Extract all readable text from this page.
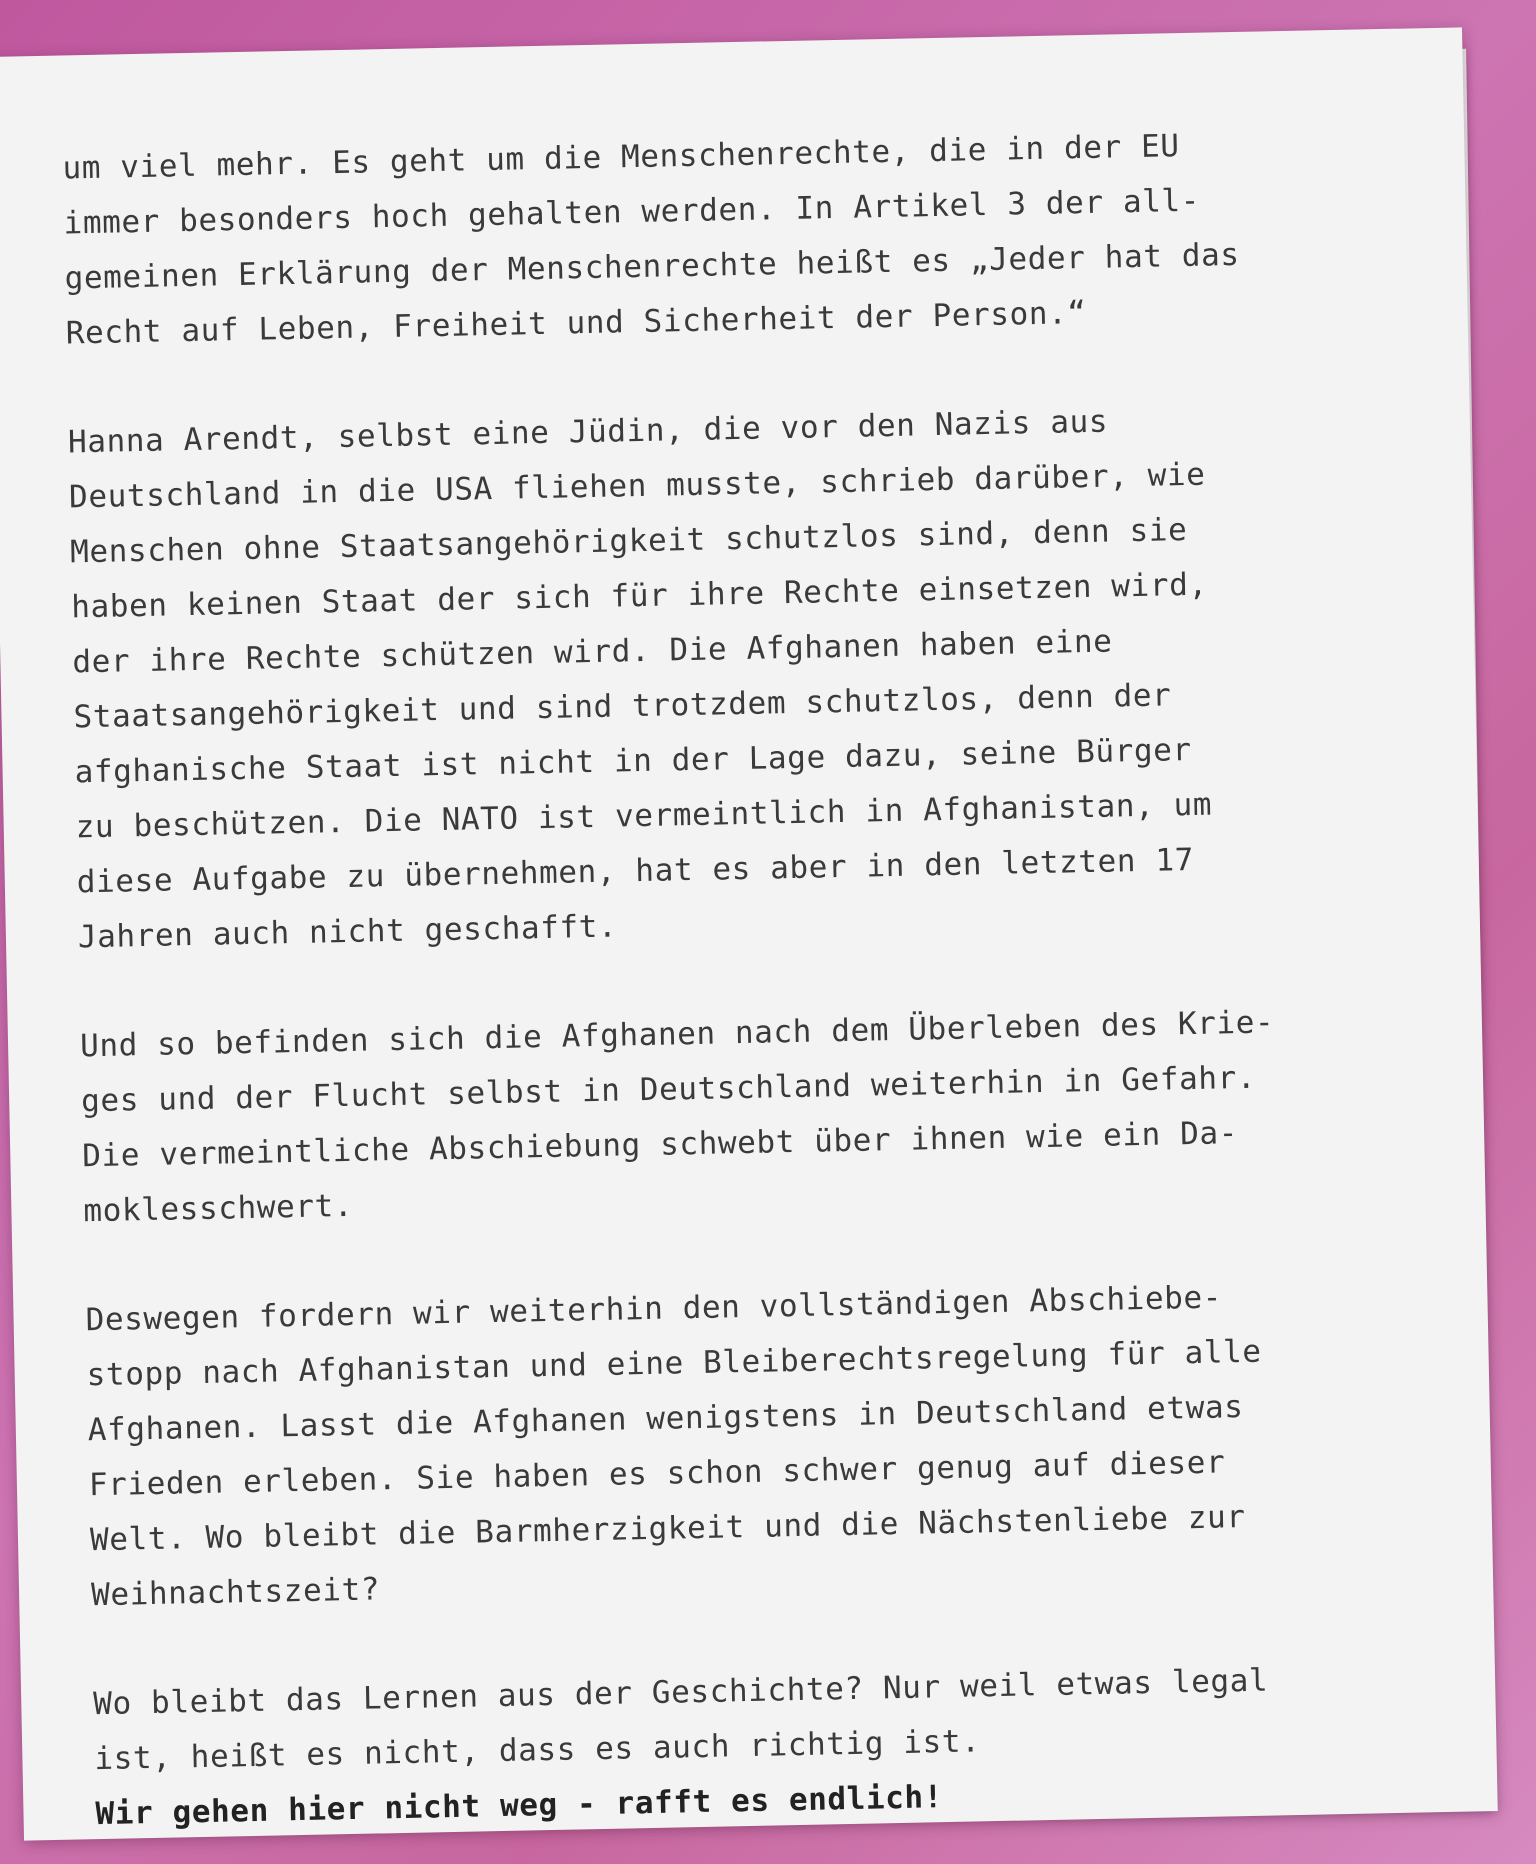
um viel mehr. Es geht um die Menschenrechte, die in der EU
immer besonders hoch gehalten werden. In Artikel 3 der all-
gemeinen Erklärung der Menschenrechte heißt es „Jeder hat das
Recht auf Leben, Freiheit und Sicherheit der Person.“
Hanna Arendt, selbst eine Jüdin, die vor den Nazis aus
Deutschland in die USA fliehen musste, schrieb darüber, wie
Menschen ohne Staatsangehörigkeit schutzlos sind, denn sie
haben keinen Staat der sich für ihre Rechte einsetzen wird,
der ihre Rechte schützen wird. Die Afghanen haben eine
Staatsangehörigkeit und sind trotzdem schutzlos, denn der
afghanische Staat ist nicht in der Lage dazu, seine Bürger
zu beschützen. Die NATO ist vermeintlich in Afghanistan, um
diese Aufgabe zu übernehmen, hat es aber in den letzten 17
Jahren auch nicht geschafft.
Und so befinden sich die Afghanen nach dem Überleben des Krie-
ges und der Flucht selbst in Deutschland weiterhin in Gefahr.
Die vermeintliche Abschiebung schwebt über ihnen wie ein Da-
moklesschwert.
Deswegen fordern wir weiterhin den vollständigen Abschiebe-
stopp nach Afghanistan und eine Bleiberechtsregelung für alle
Afghanen. Lasst die Afghanen wenigstens in Deutschland etwas
Frieden erleben. Sie haben es schon schwer genug auf dieser
Welt. Wo bleibt die Barmherzigkeit und die Nächstenliebe zur
Weihnachtszeit?
Wo bleibt das Lernen aus der Geschichte? Nur weil etwas legal
ist, heißt es nicht, dass es auch richtig ist.
Wir gehen hier nicht weg - rafft es endlich!
